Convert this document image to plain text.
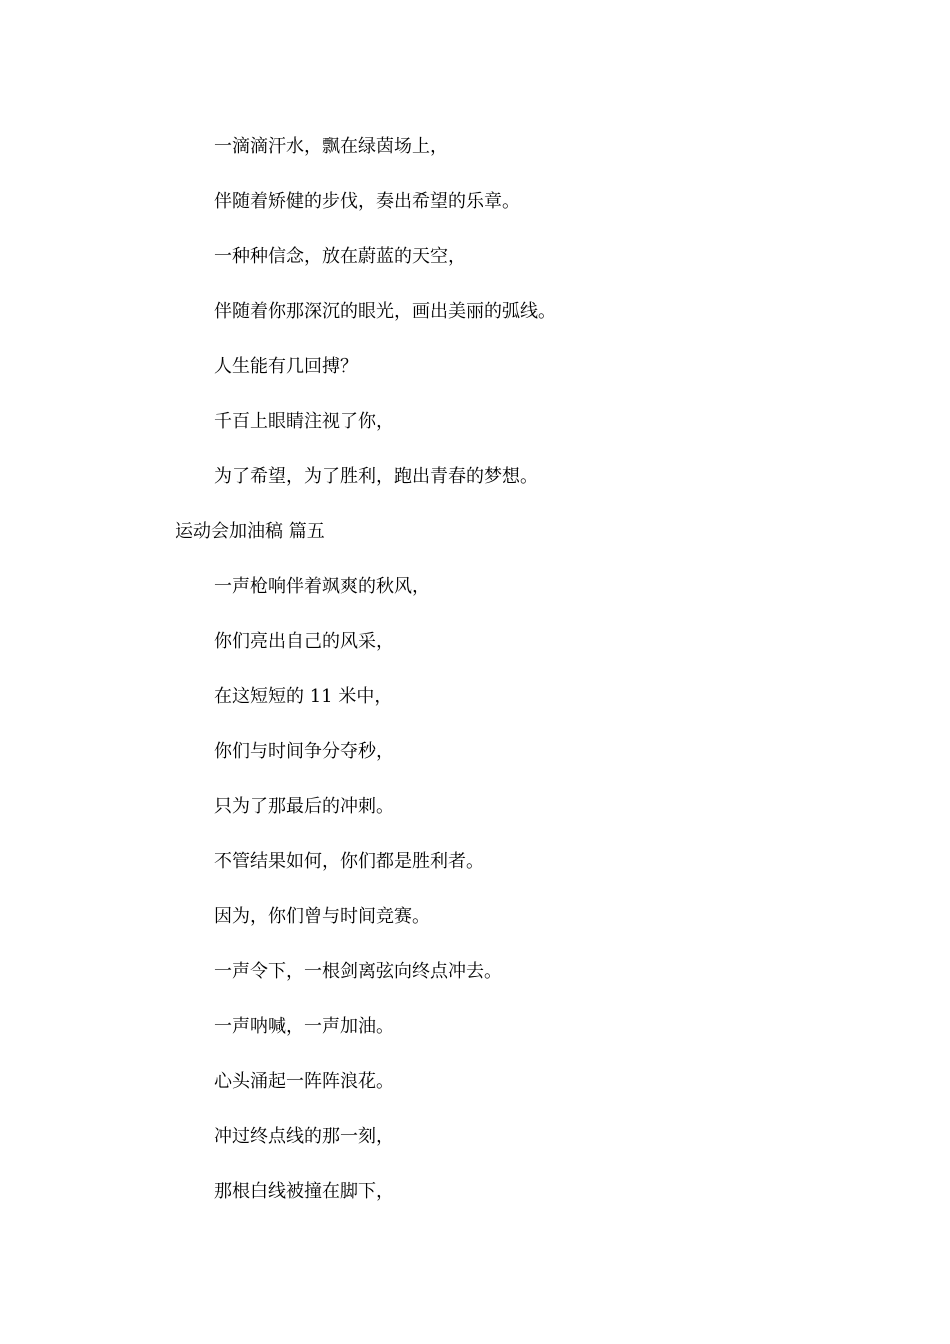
一滴滴汗水，飘在绿茵场上，
伴随着矫健的步伐，奏出希望的乐章。
一种种信念，放在蔚蓝的天空，
伴随着你那深沉的眼光，画出美丽的弧线。
人生能有几回搏？
千百上眼睛注视了你，
为了希望，为了胜利，跑出青春的梦想。
运动会加油稿 篇五
一声枪响伴着飒爽的秋风，
你们亮出自己的风采，
在这短短的 11 米中，
你们与时间争分夺秒，
只为了那最后的冲刺。
不管结果如何，你们都是胜利者。
因为，你们曾与时间竞赛。
一声令下，一根剑离弦向终点冲去。
一声呐喊，一声加油。
心头涌起一阵阵浪花。
冲过终点线的那一刻，
那根白线被撞在脚下，
